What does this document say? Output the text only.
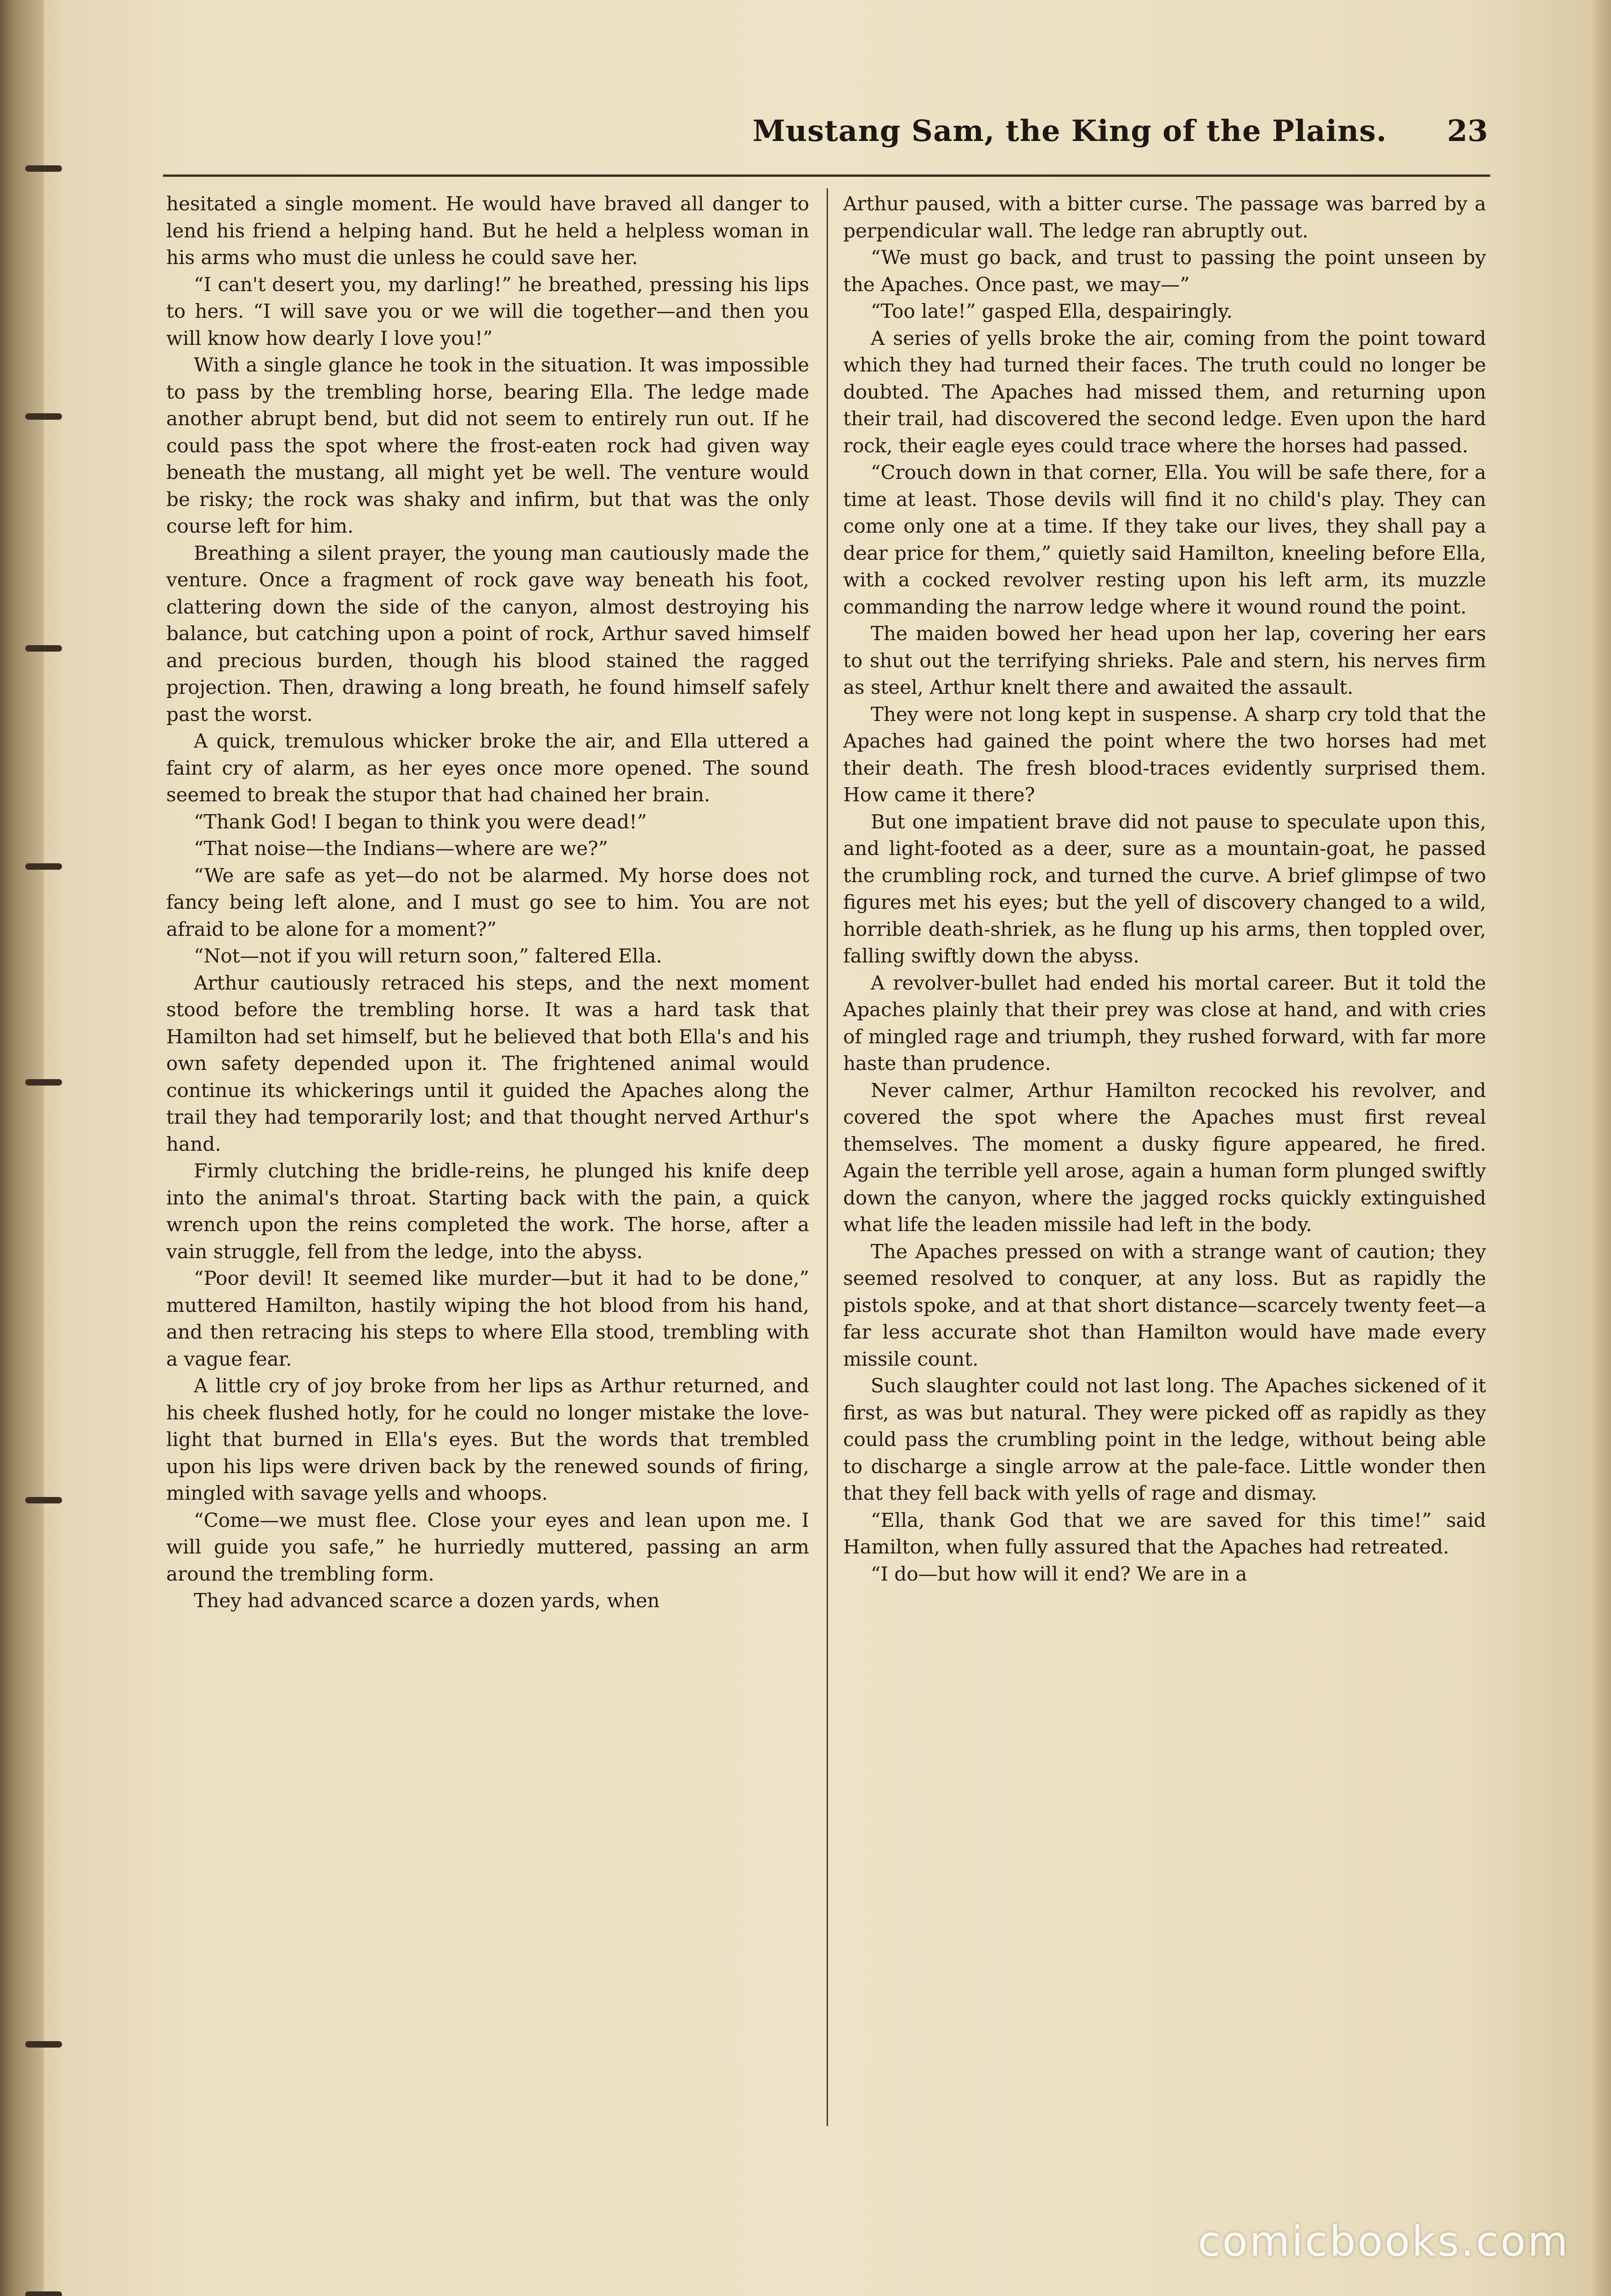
Mustang Sam, the King of the Plains. 23

hesitated a single moment. He would have braved all danger to lend his friend a helping hand. But he held a helpless woman in his arms who must die unless he could save her.

“I can't desert you, my darling!” he breathed, pressing his lips to hers. “I will save you or we will die together—and then you will know how dearly I love you!”

With a single glance he took in the situation. It was impossible to pass by the trembling horse, bearing Ella. The ledge made another abrupt bend, but did not seem to entirely run out. If he could pass the spot where the frost-eaten rock had given way beneath the mustang, all might yet be well. The venture would be risky; the rock was shaky and infirm, but that was the only course left for him.

Breathing a silent prayer, the young man cautiously made the venture. Once a fragment of rock gave way beneath his foot, clattering down the side of the canyon, almost destroying his balance, but catching upon a point of rock, Arthur saved himself and precious burden, though his blood stained the ragged projection. Then, drawing a long breath, he found himself safely past the worst.

A quick, tremulous whicker broke the air, and Ella uttered a faint cry of alarm, as her eyes once more opened. The sound seemed to break the stupor that had chained her brain.

“Thank God! I began to think you were dead!”

“That noise—the Indians—where are we?”

“We are safe as yet—do not be alarmed. My horse does not fancy being left alone, and I must go see to him. You are not afraid to be alone for a moment?”

“Not—not if you will return soon,” faltered Ella.

Arthur cautiously retraced his steps, and the next moment stood before the trembling horse. It was a hard task that Hamilton had set himself, but he believed that both Ella's and his own safety depended upon it. The frightened animal would continue its whickerings until it guided the Apaches along the trail they had temporarily lost; and that thought nerved Arthur's hand.

Firmly clutching the bridle-reins, he plunged his knife deep into the animal's throat. Starting back with the pain, a quick wrench upon the reins completed the work. The horse, after a vain struggle, fell from the ledge, into the abyss.

“Poor devil! It seemed like murder—but it had to be done,” muttered Hamilton, hastily wiping the hot blood from his hand, and then retracing his steps to where Ella stood, trembling with a vague fear.

A little cry of joy broke from her lips as Arthur returned, and his cheek flushed hotly, for he could no longer mistake the love-light that burned in Ella's eyes. But the words that trembled upon his lips were driven back by the renewed sounds of firing, mingled with savage yells and whoops.

“Come—we must flee. Close your eyes and lean upon me. I will guide you safe,” he hurriedly muttered, passing an arm around the trembling form.

They had advanced scarce a dozen yards, when

Arthur paused, with a bitter curse. The passage was barred by a perpendicular wall. The ledge ran abruptly out.

“We must go back, and trust to passing the point unseen by the Apaches. Once past, we may—”

“Too late!” gasped Ella, despairingly.

A series of yells broke the air, coming from the point toward which they had turned their faces. The truth could no longer be doubted. The Apaches had missed them, and returning upon their trail, had discovered the second ledge. Even upon the hard rock, their eagle eyes could trace where the horses had passed.

“Crouch down in that corner, Ella. You will be safe there, for a time at least. Those devils will find it no child's play. They can come only one at a time. If they take our lives, they shall pay a dear price for them,” quietly said Hamilton, kneeling before Ella, with a cocked revolver resting upon his left arm, its muzzle commanding the narrow ledge where it wound round the point.

The maiden bowed her head upon her lap, covering her ears to shut out the terrifying shrieks. Pale and stern, his nerves firm as steel, Arthur knelt there and awaited the assault.

They were not long kept in suspense. A sharp cry told that the Apaches had gained the point where the two horses had met their death. The fresh blood-traces evidently surprised them. How came it there?

But one impatient brave did not pause to speculate upon this, and light-footed as a deer, sure as a mountain-goat, he passed the crumbling rock, and turned the curve. A brief glimpse of two figures met his eyes; but the yell of discovery changed to a wild, horrible death-shriek, as he flung up his arms, then toppled over, falling swiftly down the abyss.

A revolver-bullet had ended his mortal career. But it told the Apaches plainly that their prey was close at hand, and with cries of mingled rage and triumph, they rushed forward, with far more haste than prudence.

Never calmer, Arthur Hamilton recocked his revolver, and covered the spot where the Apaches must first reveal themselves. The moment a dusky figure appeared, he fired. Again the terrible yell arose, again a human form plunged swiftly down the canyon, where the jagged rocks quickly extinguished what life the leaden missile had left in the body.

The Apaches pressed on with a strange want of caution; they seemed resolved to conquer, at any loss. But as rapidly the pistols spoke, and at that short distance—scarcely twenty feet—a far less accurate shot than Hamilton would have made every missile count.

Such slaughter could not last long. The Apaches sickened of it first, as was but natural. They were picked off as rapidly as they could pass the crumbling point in the ledge, without being able to discharge a single arrow at the pale-face. Little wonder then that they fell back with yells of rage and dismay.

“Ella, thank God that we are saved for this time!” said Hamilton, when fully assured that the Apaches had retreated.

“I do—but how will it end? We are in a

comicbooks.com
